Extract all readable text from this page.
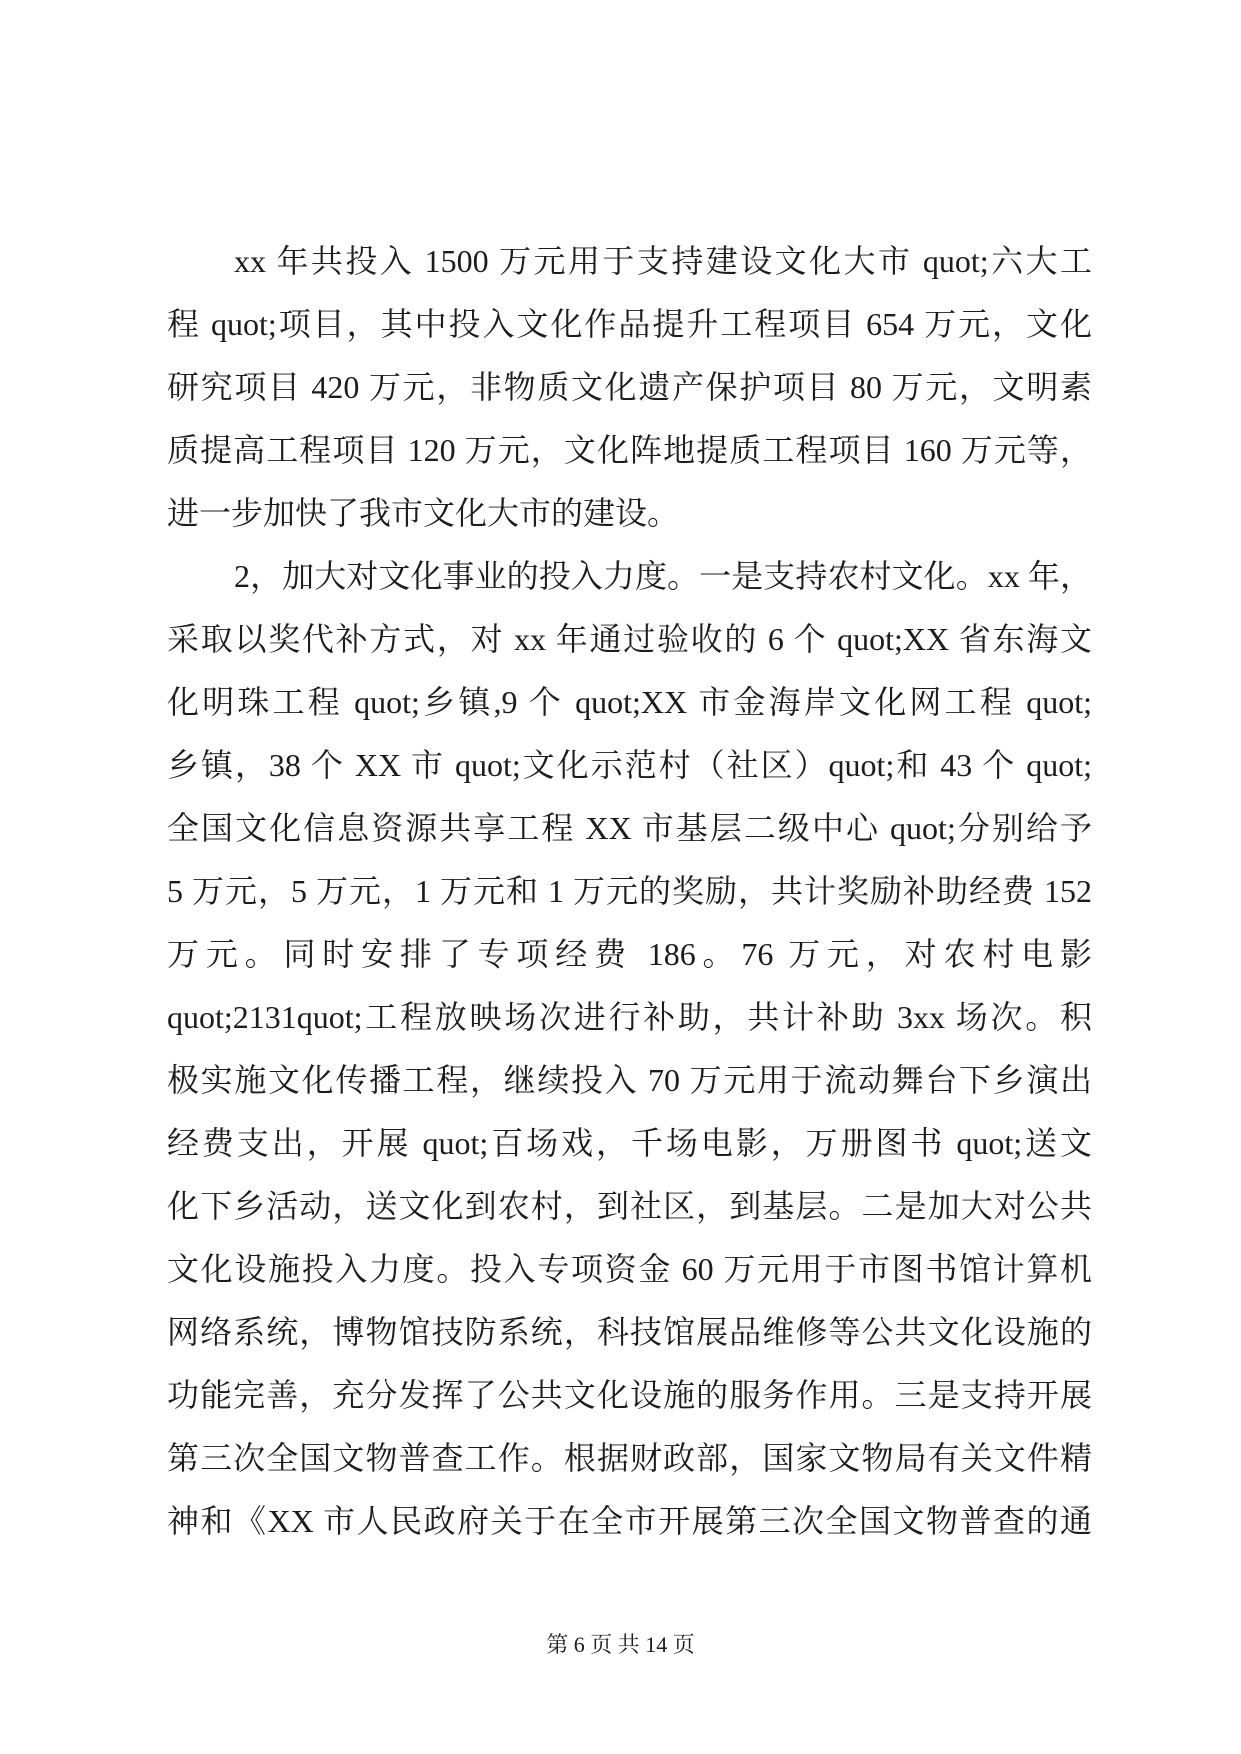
xx 年共投入 1500 万元用于支持建设文化大市 quot;六大工
程 quot;项目，其中投入文化作品提升工程项目 654 万元，文化
研究项目 420 万元，非物质文化遗产保护项目 80 万元，文明素
质提高工程项目 120 万元，文化阵地提质工程项目 160 万元等，
进一步加快了我市文化大市的建设。
2，加大对文化事业的投入力度。一是支持农村文化。xx 年，
采取以奖代补方式，对 xx 年通过验收的 6 个 quot;XX 省东海文
化明珠工程 quot;乡镇,9 个 quot;XX 市金海岸文化网工程 quot;
乡镇，38 个 XX 市 quot;文化示范村（社区）quot;和 43 个 quot;
全国文化信息资源共享工程 XX 市基层二级中心 quot;分别给予
5 万元，5 万元，1 万元和 1 万元的奖励，共计奖励补助经费 152
万元。同时安排了专项经费 186。76 万元，对农村电影
quot;2131quot;工程放映场次进行补助，共计补助 3xx 场次。积
极实施文化传播工程，继续投入 70 万元用于流动舞台下乡演出
经费支出，开展 quot;百场戏，千场电影，万册图书 quot;送文
化下乡活动，送文化到农村，到社区，到基层。二是加大对公共
文化设施投入力度。投入专项资金 60 万元用于市图书馆计算机
网络系统，博物馆技防系统，科技馆展品维修等公共文化设施的
功能完善，充分发挥了公共文化设施的服务作用。三是支持开展
第三次全国文物普查工作。根据财政部，国家文物局有关文件精
神和《XX 市人民政府关于在全市开展第三次全国文物普查的通
第 6 页 共 14 页
